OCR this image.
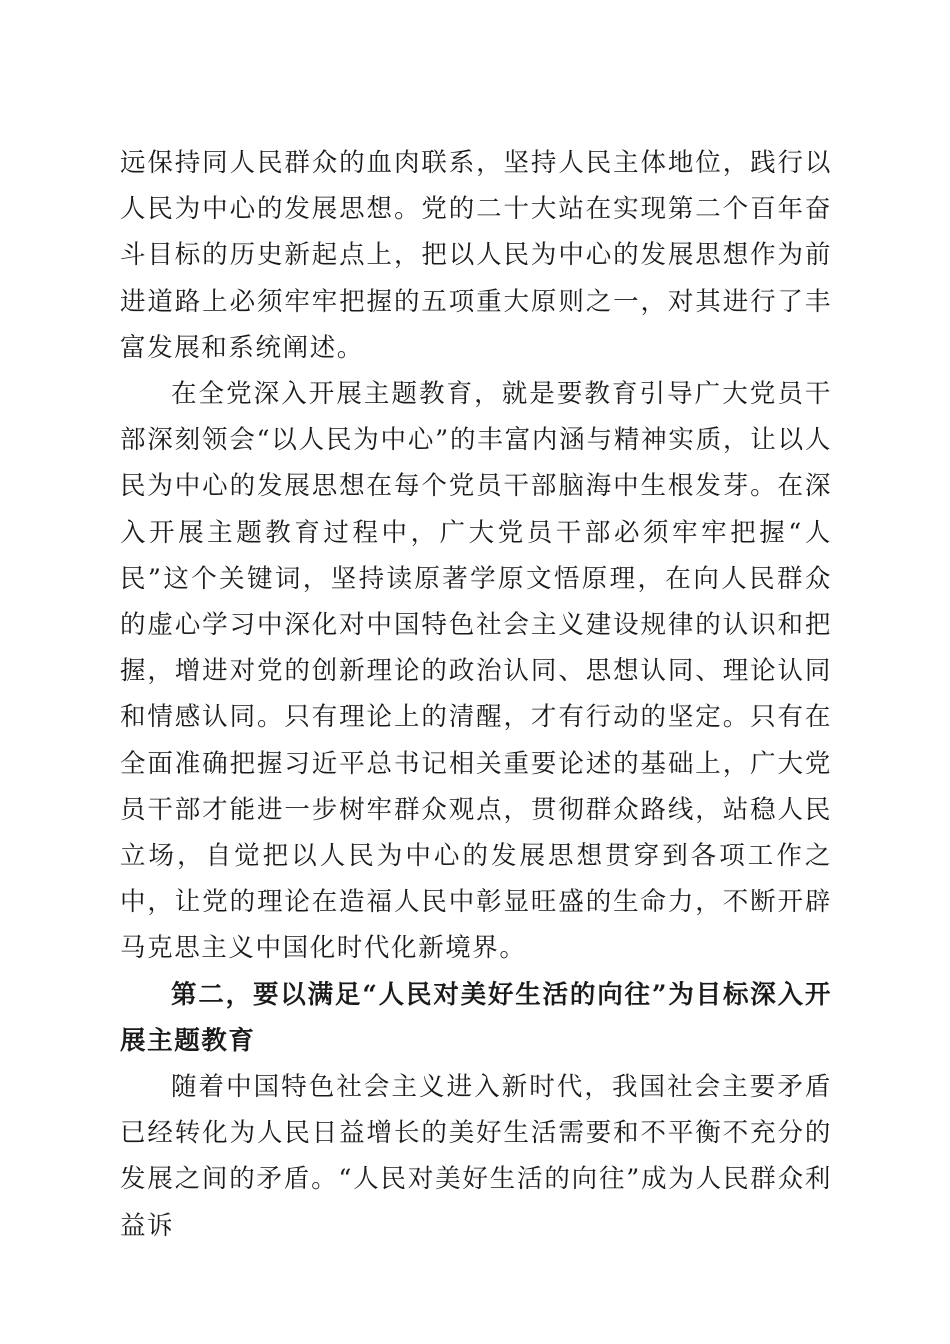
远保持同人民群众的血肉联系，坚持人民主体地位，践行以人民为中心的发展思想。党的二十大站在实现第二个百年奋斗目标的历史新起点上，把以人民为中心的发展思想作为前进道路上必须牢牢把握的五项重大原则之一，对其进行了丰富发展和系统阐述。

在全党深入开展主题教育，就是要教育引导广大党员干部深刻领会“以人民为中心”的丰富内涵与精神实质，让以人民为中心的发展思想在每个党员干部脑海中生根发芽。在深入开展主题教育过程中，广大党员干部必须牢牢把握“人民”这个关键词，坚持读原著学原文悟原理，在向人民群众的虚心学习中深化对中国特色社会主义建设规律的认识和把握，增进对党的创新理论的政治认同、思想认同、理论认同和情感认同。只有理论上的清醒，才有行动的坚定。只有在全面准确把握习近平总书记相关重要论述的基础上，广大党员干部才能进一步树牢群众观点，贯彻群众路线，站稳人民立场，自觉把以人民为中心的发展思想贯穿到各项工作之中，让党的理论在造福人民中彰显旺盛的生命力，不断开辟马克思主义中国化时代化新境界。

第二，要以满足“人民对美好生活的向往”为目标深入开展主题教育

随着中国特色社会主义进入新时代，我国社会主要矛盾已经转化为人民日益增长的美好生活需要和不平衡不充分的发展之间的矛盾。“人民对美好生活的向往”成为人民群众利益诉
